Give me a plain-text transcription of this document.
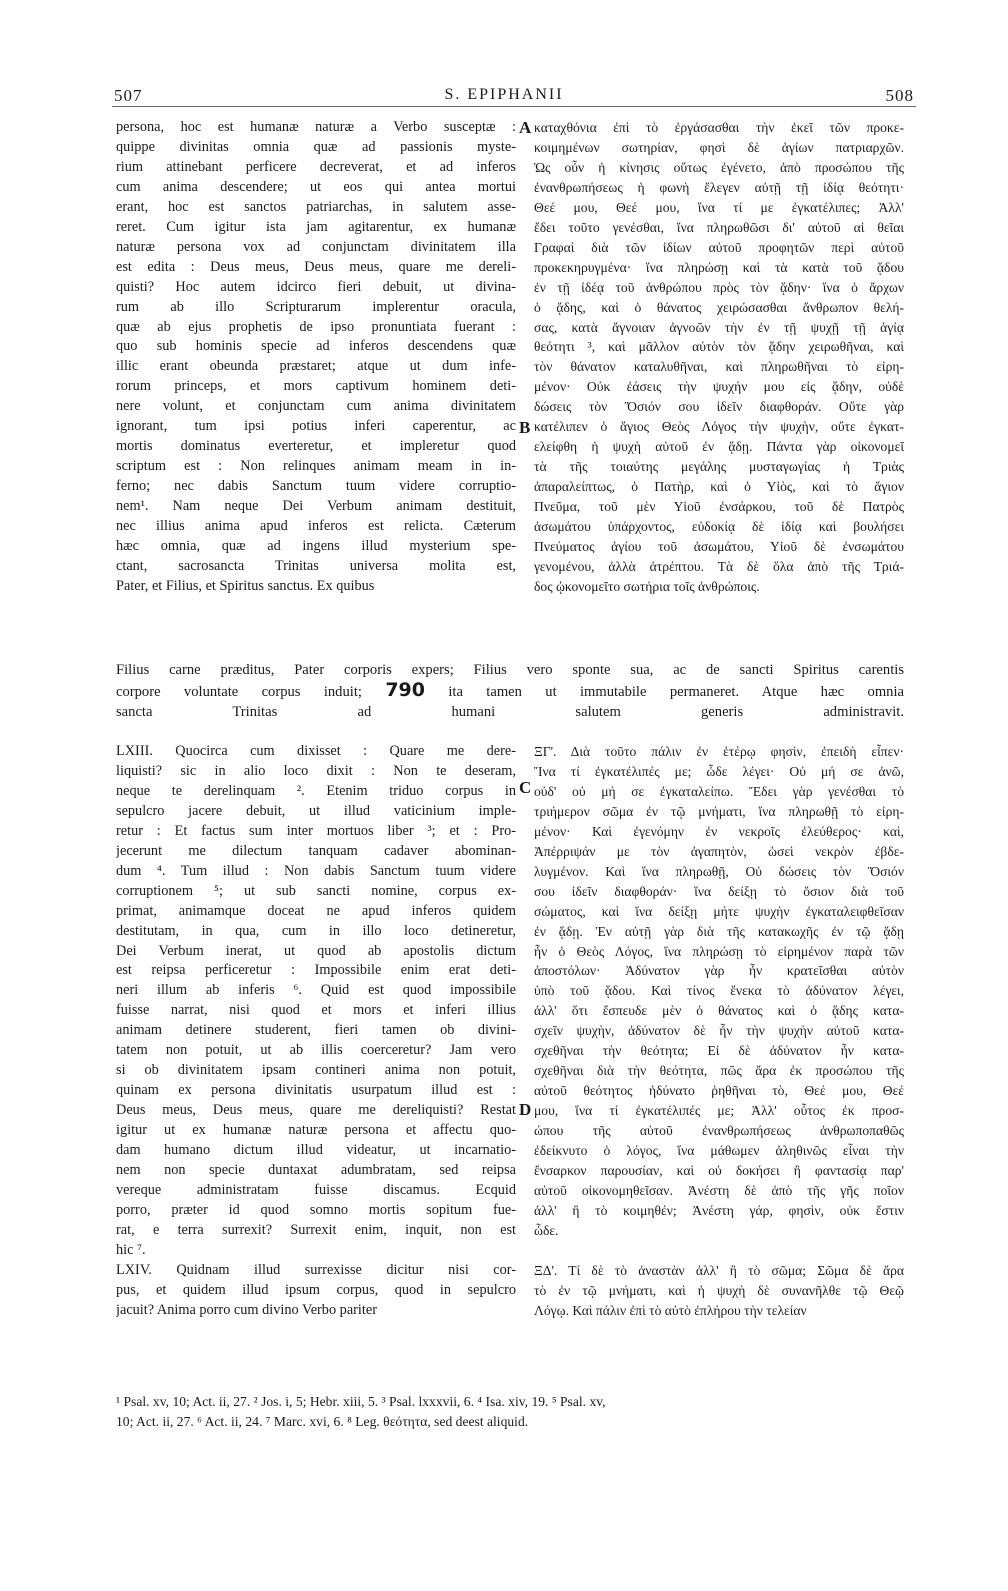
507	S. EPIPHANII	508
persona, hoc est humanæ naturæ a Verbo susceptæ :
quippe divinitas omnia quæ ad passionis myste-
rium attinebant perficere decreverat, et ad inferos
cum anima descendere; ut eos qui antea mortui
erant, hoc est sanctos patriarchas, in salutem asse-
reret. Cum igitur ista jam agitarentur, ex humanæ
naturæ persona vox ad conjunctam divinitatem illa
est edita : Deus meus, Deus meus, quare me dereli-
quisti? Hoc autem idcirco fieri debuit, ut divina-
rum ab illo Scripturarum implerentur oracula,
quæ ab ejus prophetis de ipso pronuntiata fuerant :
quo sub hominis specie ad inferos descendens quæ
illic erant obeunda præstaret; atque ut dum infe-
rorum princeps, et mors captivum hominem deti-
nere volunt, et conjunctam cum anima divinitatem
ignorant, tum ipsi potius inferi caperentur, ac
mortis dominatus everteretur, et impleretur quod
scriptum est : Non relinques animam meam in in-
ferno; nec dabis Sanctum tuum videre corruptio-
nem¹. Nam neque Dei Verbum animam destituit,
nec illius anima apud inferos est relicta. Cæterum
hæc omnia, quæ ad ingens illud mysterium spe-
ctant, sacrosancta Trinitas universa molita est,
Pater, et Filius, et Spiritus sanctus. Ex quibus
καταχθόνια ἐπὶ τὸ ἐργάσασθαι τὴν ἐκεῖ τῶν προκε-
κοιμημένων σωτηρίαν, φησὶ δὲ ἁγίων πατριαρχῶν.
Ὡς οὖν ἡ κίνησις οὕτως ἐγένετο, ἀπὸ προσώπου τῆς
ἐνανθρωπήσεως ἡ φωνὴ ἔλεγεν αὐτῇ τῇ ἰδίᾳ θεότητι·
Θεέ μου, Θεέ μου, ἵνα τί με ἐγκατέλιπες; Ἀλλ'
ἔδει τοῦτο γενέσθαι, ἵνα πληρωθῶσι δι' αὐτοῦ αἱ θεῖαι
Γραφαὶ διὰ τῶν ἰδίων αὐτοῦ προφητῶν περὶ αὐτοῦ
προκεκηρυγμένα· ἵνα πληρώσῃ καὶ τὰ κατὰ τοῦ ᾅδου
ἐν τῇ ἰδέᾳ τοῦ ἀνθρώπου πρὸς τὸν ᾅδην· ἵνα ὁ ἄρχων
ὁ ᾅδης, καὶ ὁ θάνατος χειρώσασθαι ἄνθρωπον θελή-
σας, κατὰ ἄγνοιαν ἀγνοῶν τὴν ἐν τῇ ψυχῇ τῇ ἁγίᾳ
θεότητι ³, καὶ μᾶλλον αὐτὸν τὸν ᾅδην χειρωθῆναι, καὶ
τὸν θάνατον καταλυθῆναι, καὶ πληρωθῆναι τὸ εἰρη-
μένον· Οὐκ ἐάσεις τὴν ψυχήν μου εἰς ᾅδην, οὐδὲ
δώσεις τὸν Ὅσιόν σου ἰδεῖν διαφθοράν. Οὔτε γὰρ
κατέλιπεν ὁ ἅγιος Θεὸς Λόγος τὴν ψυχὴν, οὔτε ἐγκατ-
ελείφθη ἡ ψυχὴ αὐτοῦ ἐν ᾅδῃ. Πάντα γὰρ οἰκονομεῖ
τὰ τῆς τοιαύτης μεγάλης μυσταγωγίας ἡ Τριὰς
ἀπαραλείπτως, ὁ Πατὴρ, καὶ ὁ Υἱὸς, καὶ τὸ ἅγιον
Πνεῦμα, τοῦ μὲν Υἱοῦ ἐνσάρκου, τοῦ δὲ Πατρὸς
ἀσωμάτου ὑπάρχοντος, εὐδοκίᾳ δὲ ἰδίᾳ καὶ βουλήσει
Πνεύματος ἁγίου τοῦ ἀσωμάτου, Υἱοῦ δὲ ἐνσωμάτου
γενομένου, ἀλλὰ ἀτρέπτου. Τὰ δὲ ὅλα ἀπὸ τῆς Τριά-
δος ᾠκονομεῖτο σωτήρια τοῖς ἀνθρώποις.
A
B
C
D
Filius carne præditus, Pater corporis expers; Filius vero sponte sua, ac de sancti Spiritus carentis
corpore voluntate corpus induit; 790 ita tamen ut immutabile permaneret. Atque hæc omnia
sancta Trinitas ad humani salutem generis administravit.
LXIII. Quocirca cum dixisset : Quare me dere-
liquisti? sic in alio loco dixit : Non te deseram,
neque te derelinquam ². Etenim triduo corpus in
sepulcro jacere debuit, ut illud vaticinium imple-
retur : Et factus sum inter mortuos liber ³; et : Pro-
jecerunt me dilectum tanquam cadaver abominan-
dum ⁴. Tum illud : Non dabis Sanctum tuum videre
corruptionem ⁵; ut sub sancti nomine, corpus ex-
primat, animamque doceat ne apud inferos quidem
destitutam, in qua, cum in illo loco detineretur,
Dei Verbum inerat, ut quod ab apostolis dictum
est reipsa perficeretur : Impossibile enim erat deti-
neri illum ab inferis ⁶. Quid est quod impossibile
fuisse narrat, nisi quod et mors et inferi illius
animam detinere studerent, fieri tamen ob divini-
tatem non potuit, ut ab illis coerceretur? Jam vero
si ob divinitatem ipsam contineri anima non potuit,
quinam ex persona divinitatis usurpatum illud est :
Deus meus, Deus meus, quare me dereliquisti? Restat
igitur ut ex humanæ naturæ persona et affectu quo-
dam humano dictum illud videatur, ut incarnatio-
nem non specie duntaxat adumbratam, sed reipsa
vereque administratam fuisse discamus. Ecquid
porro, præter id quod somno mortis sopitum fue-
rat, e terra surrexit? Surrexit enim, inquit, non est
hic ⁷.
LXIV. Quidnam illud surrexisse dicitur nisi cor-
pus, et quidem illud ipsum corpus, quod in sepulcro
jacuit? Anima porro cum divino Verbo pariter
ΞΓ'. Διὰ τοῦτο πάλιν ἐν ἑτέρῳ φησὶν, ἐπειδὴ εἶπεν·
Ἵνα τί ἐγκατέλιπές με; ὧδε λέγει· Οὐ μή σε ἀνῶ,
οὐδ' οὐ μή σε ἐγκαταλείπω. Ἔδει γὰρ γενέσθαι τὸ
τριήμερον σῶμα ἐν τῷ μνήματι, ἵνα πληρωθῇ τὸ εἰρη-
μένον· Καὶ ἐγενόμην ἐν νεκροῖς ἐλεύθερος· καὶ,
Ἀπέρριψάν με τὸν ἀγαπητὸν, ὡσεὶ νεκρὸν ἐβδε-
λυγμένον. Καὶ ἵνα πληρωθῇ, Οὐ δώσεις τὸν Ὅσιόν
σου ἰδεῖν διαφθοράν· ἵνα δείξῃ τὸ ὅσιον διὰ τοῦ
σώματος, καὶ ἵνα δείξῃ μήτε ψυχὴν ἐγκαταλειφθεῖσαν
ἐν ᾅδῃ. Ἐν αὐτῇ γὰρ διὰ τῆς κατακωχῆς ἐν τῷ ᾅδῃ
ἦν ὁ Θεὸς Λόγος, ἵνα πληρώσῃ τὸ εἰρημένον παρὰ τῶν
ἀποστόλων· Ἀδύνατον γὰρ ἦν κρατεῖσθαι αὐτὸν
ὑπὸ τοῦ ᾅδου. Καὶ τίνος ἕνεκα τὸ ἀδύνατον λέγει,
ἀλλ' ὅτι ἔσπευδε μὲν ὁ θάνατος καὶ ὁ ᾅδης κατα-
σχεῖν ψυχὴν, ἀδύνατον δὲ ἦν τὴν ψυχὴν αὐτοῦ κατα-
σχεθῆναι τὴν θεότητα; Εἰ δὲ ἀδύνατον ἦν κατα-
σχεθῆναι διὰ τὴν θεότητα, πῶς ἄρα ἐκ προσώπου τῆς
αὐτοῦ θεότητος ἠδύνατο ῥηθῆναι τὸ, Θεέ μου, Θεέ
μου, ἵνα τί ἐγκατέλιπές με; Ἀλλ' οὗτος ἐκ προσ-
ώπου τῆς αὐτοῦ ἐνανθρωπήσεως ἀνθρωποπαθῶς
ἐδείκνυτο ὁ λόγος, ἵνα μάθωμεν ἀληθινῶς εἶναι τὴν
ἔνσαρκον παρουσίαν, καὶ οὐ δοκήσει ἢ φαντασίᾳ παρ'
αὐτοῦ οἰκονομηθεῖσαν. Ἀνέστη δὲ ἀπὸ τῆς γῆς ποῖον
ἀλλ' ἢ τὸ κοιμηθέν; Ἀνέστη γάρ, φησὶν, οὐκ ἔστιν
ὧδε.

ΞΔ'. Τί δὲ τὸ ἀναστὰν ἀλλ' ἢ τὸ σῶμα; Σῶμα δὲ ἄρα
τὸ ἐν τῷ μνήματι, καὶ ἡ ψυχὴ δὲ συνανῆλθε τῷ Θεῷ
Λόγῳ. Καὶ πάλιν ἐπὶ τὸ αὐτὸ ἐπλήρου τὴν τελείαν
¹ Psal. xv, 10; Act. ii, 27. ² Jos. i, 5; Hebr. xiii, 5. ³ Psal. lxxxvii, 6. ⁴ Isa. xiv, 19. ⁵ Psal. xv,
10; Act. ii, 27. ⁶ Act. ii, 24. ⁷ Marc. xvi, 6. ⁸ Leg. θεότητα, sed deest aliquid.
